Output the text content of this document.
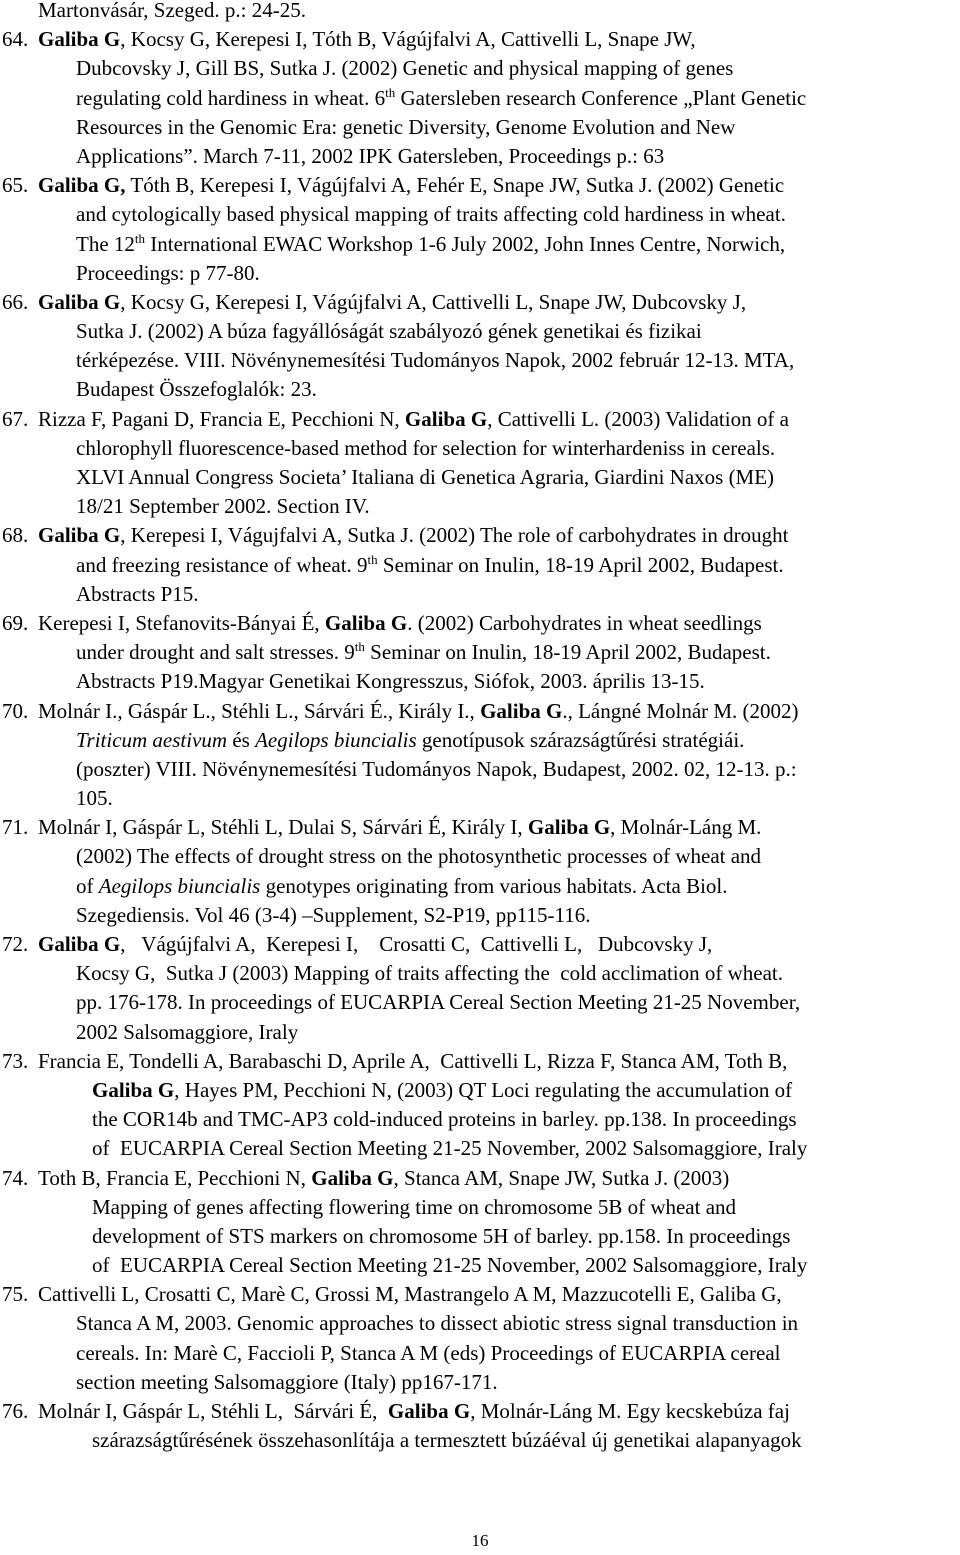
Martonvásár, Szeged. p.: 24-25.
64. Galiba G, Kocsy G, Kerepesi I, Tóth B, Vágújfalvi A, Cattivelli L, Snape JW,
Dubcovsky J, Gill BS, Sutka J. (2002) Genetic and physical mapping of genes
regulating cold hardiness in wheat. 6th Gatersleben research Conference „Plant Genetic
Resources in the Genomic Era: genetic Diversity, Genome Evolution and New
Applications”. March 7-11, 2002 IPK Gatersleben, Proceedings p.: 63
65. Galiba G, Tóth B, Kerepesi I, Vágújfalvi A, Fehér E, Snape JW, Sutka J. (2002) Genetic
and cytologically based physical mapping of traits affecting cold hardiness in wheat.
The 12th International EWAC Workshop 1-6 July 2002, John Innes Centre, Norwich,
Proceedings: p 77-80.
66. Galiba G, Kocsy G, Kerepesi I, Vágújfalvi A, Cattivelli L, Snape JW, Dubcovsky J,
Sutka J. (2002) A búza fagyállóságát szabályozó gének genetikai és fizikai
térképezése. VIII. Növénynemesítési Tudományos Napok, 2002 február 12-13. MTA,
Budapest Összefoglalók: 23.
67. Rizza F, Pagani D, Francia E, Pecchioni N, Galiba G, Cattivelli L. (2003) Validation of a
chlorophyll fluorescence-based method for selection for winterhardeniss in cereals.
XLVI Annual Congress Societa’ Italiana di Genetica Agraria, Giardini Naxos (ME)
18/21 September 2002. Section IV.
68. Galiba G, Kerepesi I, Vágujfalvi A, Sutka J. (2002) The role of carbohydrates in drought
and freezing resistance of wheat. 9th Seminar on Inulin, 18-19 April 2002, Budapest.
Abstracts P15.
69. Kerepesi I, Stefanovits-Bányai É, Galiba G. (2002) Carbohydrates in wheat seedlings
under drought and salt stresses. 9th Seminar on Inulin, 18-19 April 2002, Budapest.
Abstracts P19.Magyar Genetikai Kongresszus, Siófok, 2003. április 13-15.
70. Molnár I., Gáspár L., Stéhli L., Sárvári É., Király I., Galiba G., Lángné Molnár M. (2002)
Triticum aestivum és Aegilops biuncialis genotípusok szárazságtűrési stratégiái.
(poszter) VIII. Növénynemesítési Tudományos Napok, Budapest, 2002. 02, 12-13. p.:
105.
71. Molnár I, Gáspár L, Stéhli L, Dulai S, Sárvári É, Király I, Galiba G, Molnár-Láng M.
(2002) The effects of drought stress on the photosynthetic processes of wheat and
of Aegilops biuncialis genotypes originating from various habitats. Acta Biol.
Szegediensis. Vol 46 (3-4) –Supplement, S2-P19, pp115-116.
72. Galiba G,   Vágújfalvi A,  Kerepesi I,    Crosatti C,  Cattivelli L,   Dubcovsky J,
Kocsy G,  Sutka J (2003) Mapping of traits affecting the  cold acclimation of wheat.
pp. 176-178. In proceedings of EUCARPIA Cereal Section Meeting 21-25 November,
2002 Salsomaggiore, Iraly
73. Francia E, Tondelli A, Barabaschi D, Aprile A,  Cattivelli L, Rizza F, Stanca AM, Toth B,
Galiba G, Hayes PM, Pecchioni N, (2003) QT Loci regulating the accumulation of
the COR14b and TMC-AP3 cold-induced proteins in barley. pp.138. In proceedings
of  EUCARPIA Cereal Section Meeting 21-25 November, 2002 Salsomaggiore, Iraly
74. Toth B, Francia E, Pecchioni N, Galiba G, Stanca AM, Snape JW, Sutka J. (2003)
Mapping of genes affecting flowering time on chromosome 5B of wheat and
development of STS markers on chromosome 5H of barley. pp.158. In proceedings
of  EUCARPIA Cereal Section Meeting 21-25 November, 2002 Salsomaggiore, Iraly
75. Cattivelli L, Crosatti C, Marè C, Grossi M, Mastrangelo A M, Mazzucotelli E, Galiba G,
Stanca A M, 2003. Genomic approaches to dissect abiotic stress signal transduction in
cereals. In: Marè C, Faccioli P, Stanca A M (eds) Proceedings of EUCARPIA cereal
section meeting Salsomaggiore (Italy) pp167-171.
76. Molnár I, Gáspár L, Stéhli L,  Sárvári É,  Galiba G, Molnár-Láng M. Egy kecskebúza faj
szárazságtűrésének összehasonlítája a termesztett búzáéval új genetikai alapanyagok
16
